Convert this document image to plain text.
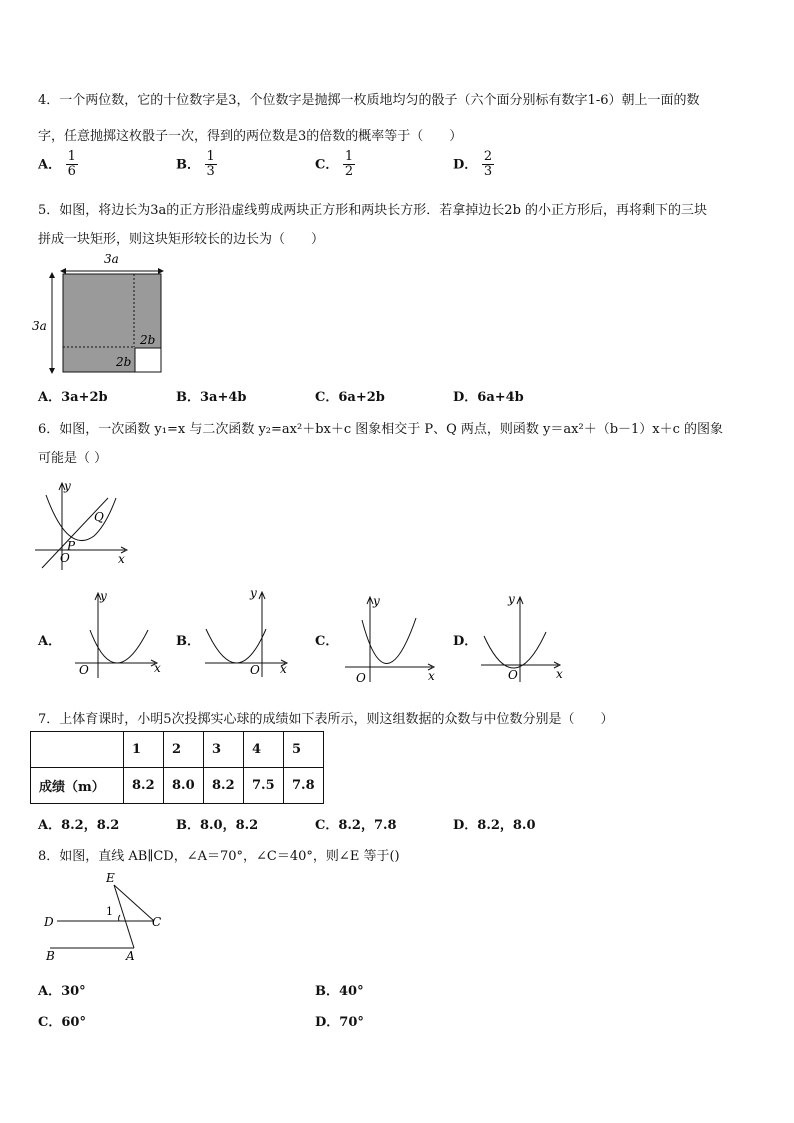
4．一个两位数，它的十位数字是3，个位数字是抛掷一枚质地均匀的骰子（六个面分别标有数字1-6）朝上一面的数
字，任意抛掷这枚骰子一次，得到的两位数是3的倍数的概率等于（　　）
A． $\frac{1}{6}$	B． $\frac{1}{3}$	C． $\frac{1}{2}$	D． $\frac{2}{3}$
5．如图，将边长为3a的正方形沿虚线剪成两块正方形和两块长方形．若拿掉边长2b 的小正方形后，再将剩下的三块
拼成一块矩形，则这块矩形较长的边长为（　　）
3a
3a
2b
2b
A．3a+2b	B．3a+4b	C．6a+2b	D．6a+4b
6．如图，一次函数 y₁=x 与二次函数 y₂=ax²＋bx＋c 图象相交于 P、Q 两点，则函数 y＝ax²＋（b－1）x＋c 的图象
可能是（ ）
y
x
O
P
Q
A．
y
x
O
B．
y
x
O
C．
y
x
O
D．
y
x
O
7．上体育课时，小明5次投掷实心球的成绩如下表所示，则这组数据的众数与中位数分别是（　　）
	1	2	3	4	5
成绩（m）	8.2	8.0	8.2	7.5	7.8
A．8.2，8.2	B．8.0，8.2	C．8.2，7.8	D．8.2，8.0
8．如图，直线 AB∥CD，∠A＝70°，∠C＝40°，则∠E 等于()
E
D	C
B	A
1
A．30°	B．40°
C．60°	D．70°
